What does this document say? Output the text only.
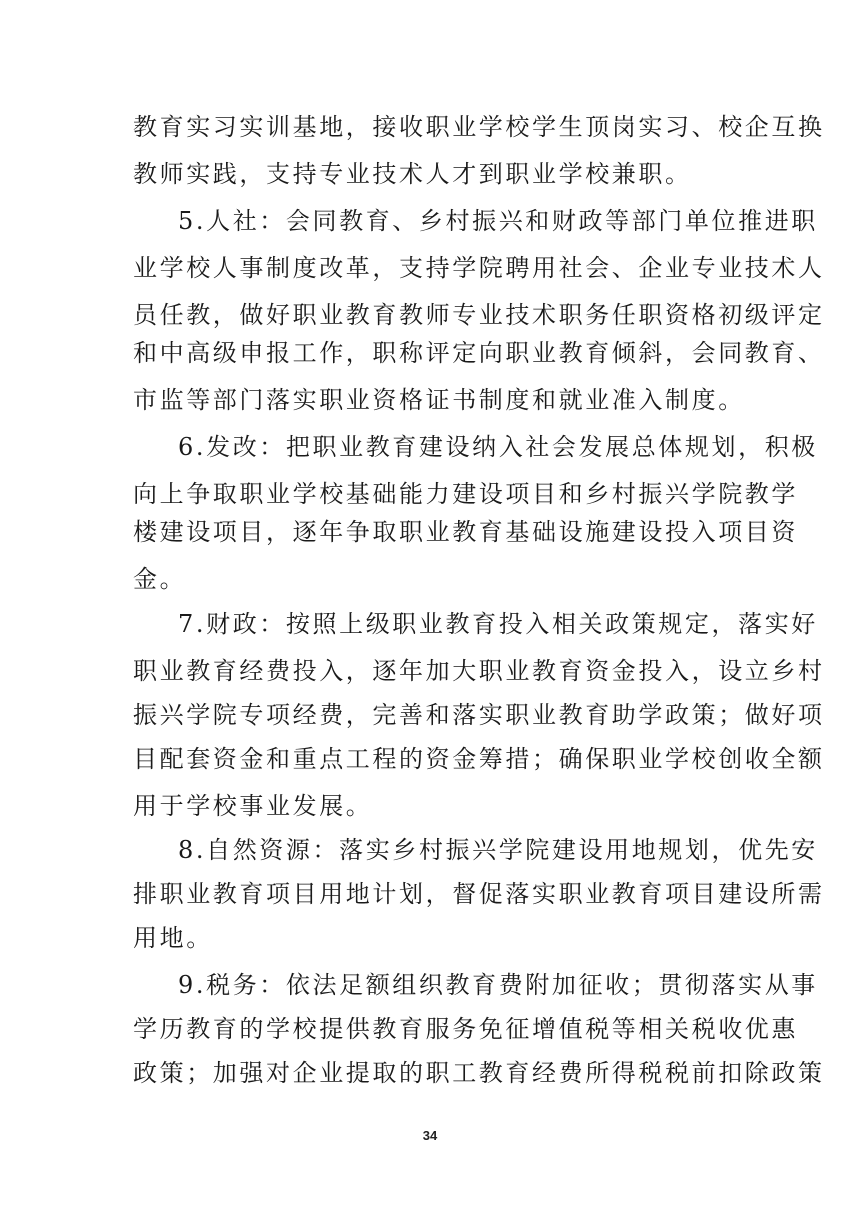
教育实习实训基地，接收职业学校学生顶岗实习、校企互换
教师实践，支持专业技术人才到职业学校兼职。
5.人社：会同教育、乡村振兴和财政等部门单位推进职
业学校人事制度改革，支持学院聘用社会、企业专业技术人
员任教，做好职业教育教师专业技术职务任职资格初级评定
和中高级申报工作，职称评定向职业教育倾斜，会同教育、
市监等部门落实职业资格证书制度和就业准入制度。
6.发改：把职业教育建设纳入社会发展总体规划，积极
向上争取职业学校基础能力建设项目和乡村振兴学院教学
楼建设项目，逐年争取职业教育基础设施建设投入项目资
金。
7.财政：按照上级职业教育投入相关政策规定，落实好
职业教育经费投入，逐年加大职业教育资金投入，设立乡村
振兴学院专项经费，完善和落实职业教育助学政策；做好项
目配套资金和重点工程的资金筹措；确保职业学校创收全额
用于学校事业发展。
8.自然资源：落实乡村振兴学院建设用地规划，优先安
排职业教育项目用地计划，督促落实职业教育项目建设所需
用地。
9.税务：依法足额组织教育费附加征收；贯彻落实从事
学历教育的学校提供教育服务免征增值税等相关税收优惠
政策；加强对企业提取的职工教育经费所得税税前扣除政策
34
